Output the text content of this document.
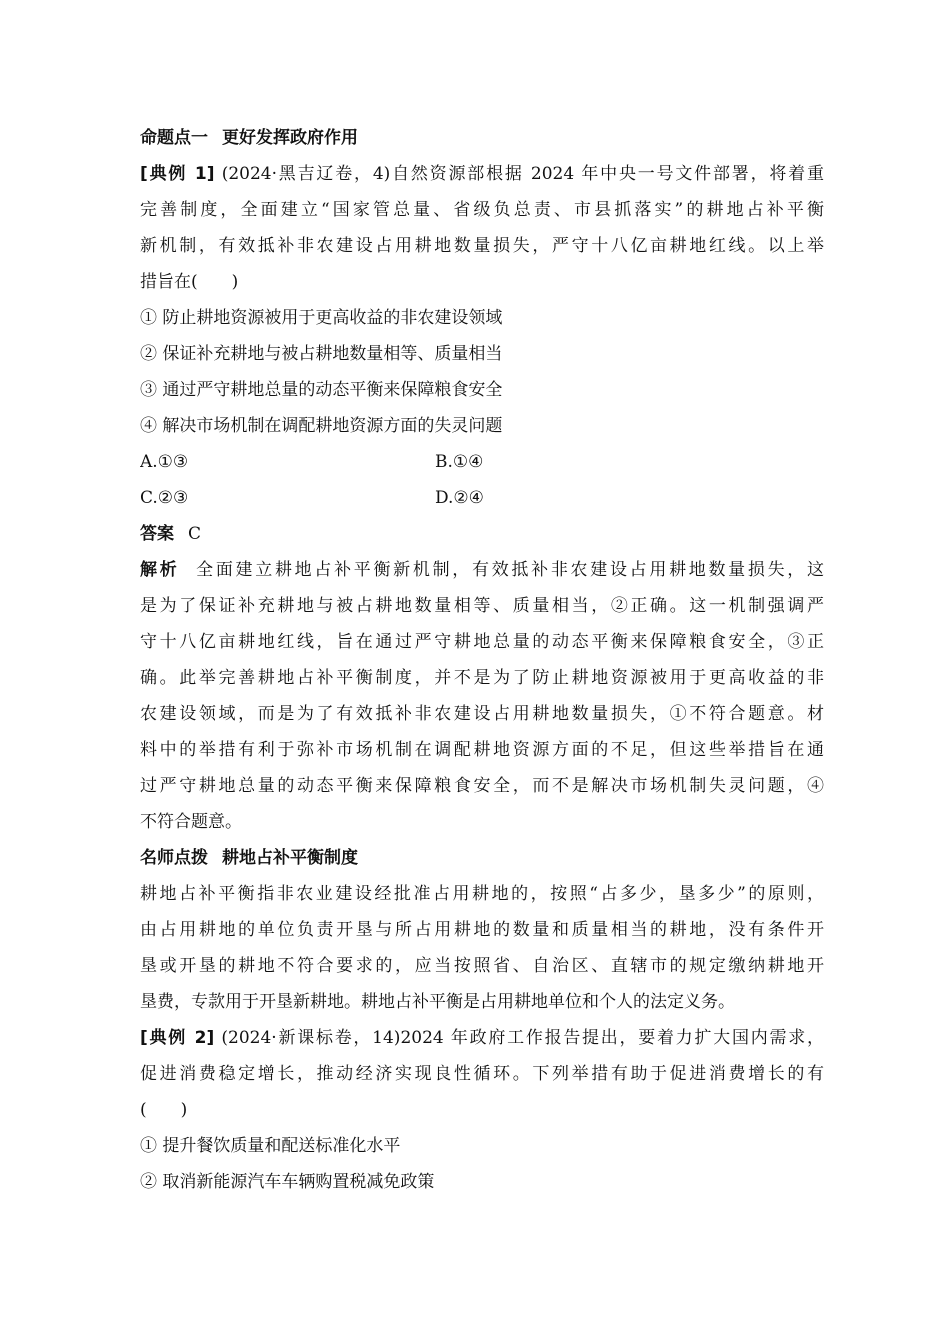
命题点一 更好发挥政府作用
[典例 1] (2024·黑吉辽卷，4)自然资源部根据 2024 年中央一号文件部署，将着重
完善制度，全面建立“国家管总量、省级负总责、市县抓落实”的耕地占补平衡
新机制，有效抵补非农建设占用耕地数量损失，严守十八亿亩耕地红线。以上举
措旨在(　　)
① 防止耕地资源被用于更高收益的非农建设领域
② 保证补充耕地与被占耕地数量相等、质量相当
③ 通过严守耕地总量的动态平衡来保障粮食安全
④ 解决市场机制在调配耕地资源方面的失灵问题
A.①③	B.①④
C.②③	D.②④
答案 C
解析 全面建立耕地占补平衡新机制，有效抵补非农建设占用耕地数量损失，这
是为了保证补充耕地与被占耕地数量相等、质量相当，②正确。这一机制强调严
守十八亿亩耕地红线，旨在通过严守耕地总量的动态平衡来保障粮食安全，③正
确。此举完善耕地占补平衡制度，并不是为了防止耕地资源被用于更高收益的非
农建设领域，而是为了有效抵补非农建设占用耕地数量损失，①不符合题意。材
料中的举措有利于弥补市场机制在调配耕地资源方面的不足，但这些举措旨在通
过严守耕地总量的动态平衡来保障粮食安全，而不是解决市场机制失灵问题，④
不符合题意。
名师点拨 耕地占补平衡制度
耕地占补平衡指非农业建设经批准占用耕地的，按照“占多少，垦多少”的原则，
由占用耕地的单位负责开垦与所占用耕地的数量和质量相当的耕地，没有条件开
垦或开垦的耕地不符合要求的，应当按照省、自治区、直辖市的规定缴纳耕地开
垦费，专款用于开垦新耕地。耕地占补平衡是占用耕地单位和个人的法定义务。
[典例 2] (2024·新课标卷，14)2024 年政府工作报告提出，要着力扩大国内需求，
促进消费稳定增长，推动经济实现良性循环。下列举措有助于促进消费增长的有
(　　)
① 提升餐饮质量和配送标准化水平
② 取消新能源汽车车辆购置税减免政策
